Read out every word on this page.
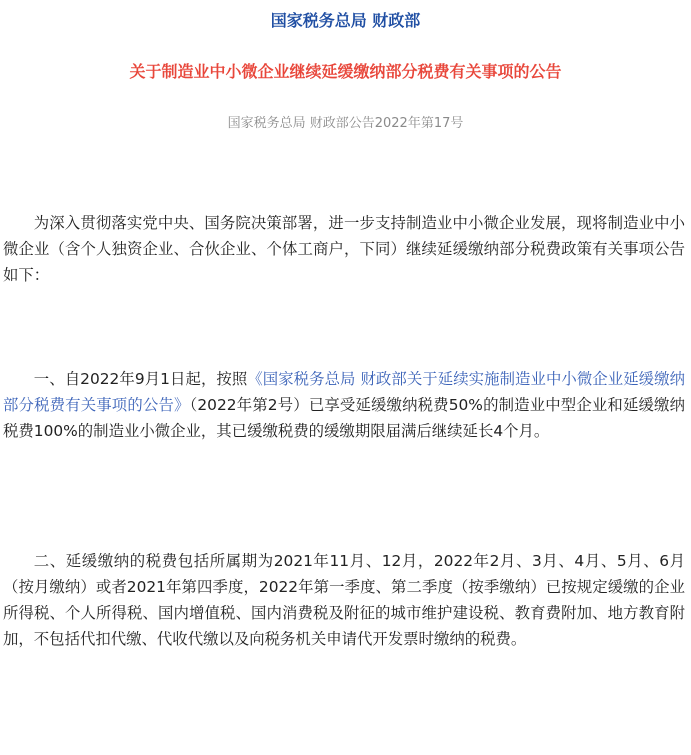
国家税务总局 财政部
关于制造业中小微企业继续延缓缴纳部分税费有关事项的公告
国家税务总局 财政部公告2022年第17号

为深入贯彻落实党中央、国务院决策部署，进一步支持制造业中小微企业发展，现将制造业中小微企业（含个人独资企业、合伙企业、个体工商户，下同）继续延缓缴纳部分税费政策有关事项公告如下：

一、自2022年9月1日起，按照《国家税务总局 财政部关于延续实施制造业中小微企业延缓缴纳部分税费有关事项的公告》（2022年第2号）已享受延缓缴纳税费50%的制造业中型企业和延缓缴纳税费100%的制造业小微企业，其已缓缴税费的缓缴期限届满后继续延长4个月。

二、延缓缴纳的税费包括所属期为2021年11月、12月，2022年2月、3月、4月、5月、6月（按月缴纳）或者2021年第四季度，2022年第一季度、第二季度（按季缴纳）已按规定缓缴的企业所得税、个人所得税、国内增值税、国内消费税及附征的城市维护建设税、教育费附加、地方教育附加，不包括代扣代缴、代收代缴以及向税务机关申请代开发票时缴纳的税费。
